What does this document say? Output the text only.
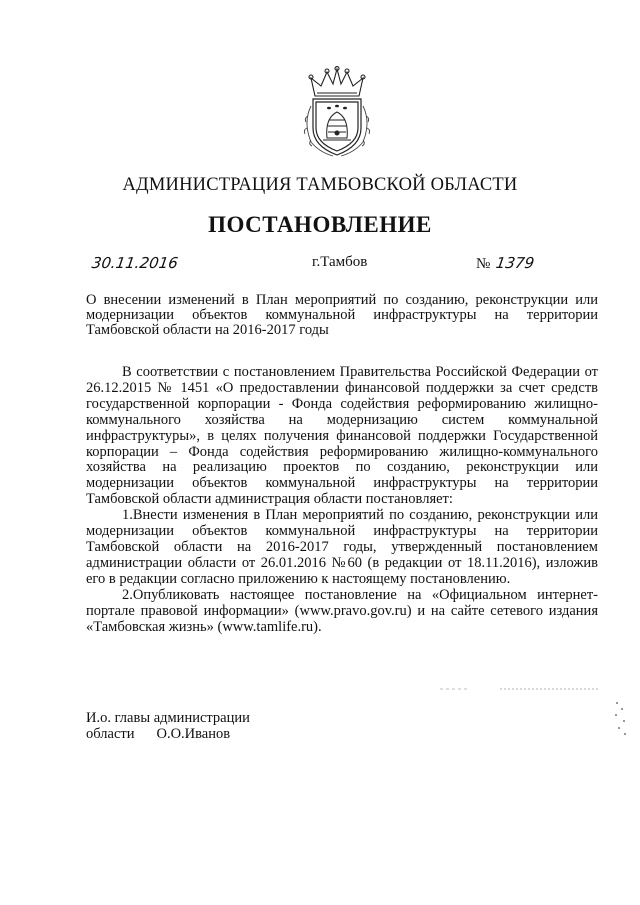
АДМИНИСТРАЦИЯ ТАМБОВСКОЙ ОБЛАСТИ
ПОСТАНОВЛЕНИЕ
30.11.2016	г.Тамбов	№ 1379
О внесении изменений в План мероприятий по созданию, реконструкции или модернизации объектов коммунальной инфраструктуры на территории Тамбовской области на 2016-2017 годы

В соответствии с постановлением Правительства Российской Федерации от 26.12.2015 № 1451 «О предоставлении финансовой поддержки за счет средств государственной корпорации - Фонда содействия реформированию жилищно-коммунального хозяйства на модернизацию систем коммунальной инфраструктуры», в целях получения финансовой поддержки Государственной корпорации – Фонда содействия реформированию жилищно-коммунального хозяйства на реализацию проектов по созданию, реконструкции или модернизации объектов коммунальной инфраструктуры на территории Тамбовской области администрация области постановляет:

1.Внести изменения в План мероприятий по созданию, реконструкции или модернизации объектов коммунальной инфраструктуры на территории Тамбовской области на 2016-2017 годы, утвержденный постановлением администрации области от 26.01.2016 №60 (в редакции от 18.11.2016), изложив его в редакции согласно приложению к настоящему постановлению.

2.Опубликовать настоящее постановление на «Официальном интернет-портале правовой информации» (www.pravo.gov.ru) и на сайте сетевого издания «Тамбовская жизнь» (www.tamlife.ru).

И.о. главы администрации
области О.О.Иванов
